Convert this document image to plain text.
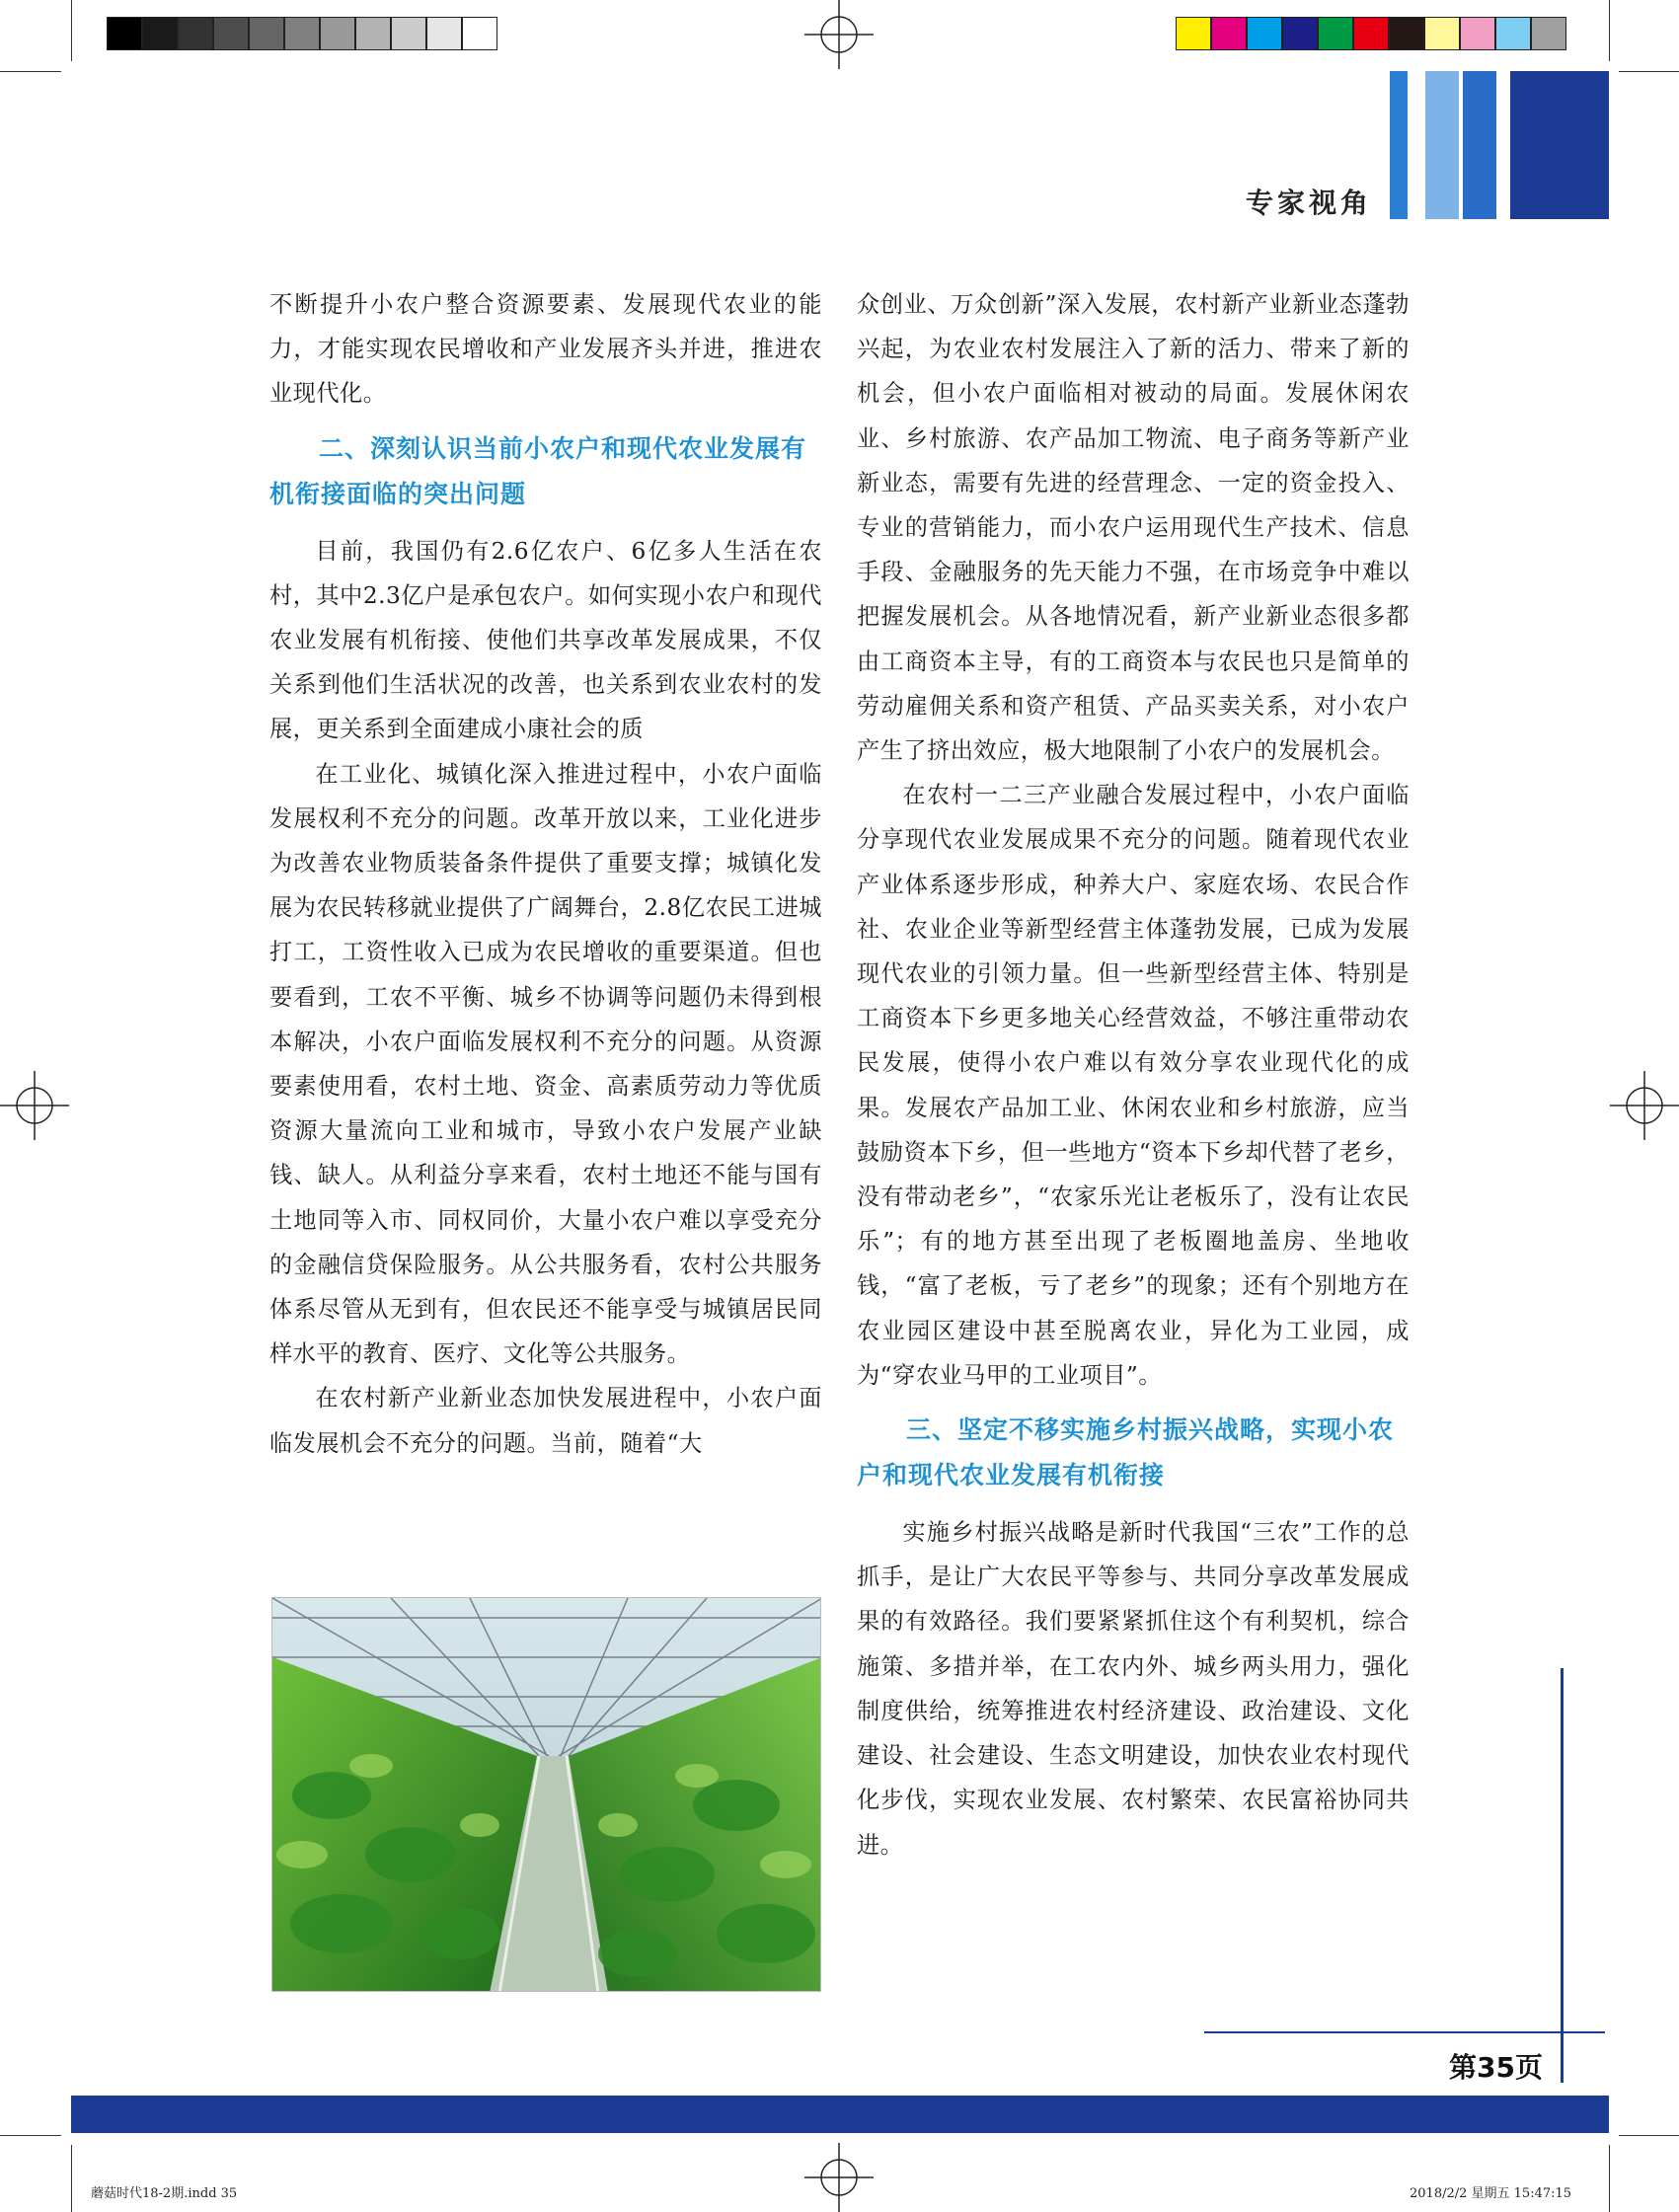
专家视角

不断提升小农户整合资源要素、发展现代农业的能力，才能实现农民增收和产业发展齐头并进，推进农业现代化。

二、深刻认识当前小农户和现代农业发展有机衔接面临的突出问题

目前，我国仍有2.6亿农户、6亿多人生活在农村，其中2.3亿户是承包农户。如何实现小农户和现代农业发展有机衔接、使他们共享改革发展成果，不仅关系到他们生活状况的改善，也关系到农业农村的发展，更关系到全面建成小康社会的质

在工业化、城镇化深入推进过程中，小农户面临发展权利不充分的问题。改革开放以来，工业化进步为改善农业物质装备条件提供了重要支撑；城镇化发展为农民转移就业提供了广阔舞台，2.8亿农民工进城打工，工资性收入已成为农民增收的重要渠道。但也要看到，工农不平衡、城乡不协调等问题仍未得到根本解决，小农户面临发展权利不充分的问题。从资源要素使用看，农村土地、资金、高素质劳动力等优质资源大量流向工业和城市，导致小农户发展产业缺钱、缺人。从利益分享来看，农村土地还不能与国有土地同等入市、同权同价，大量小农户难以享受充分的金融信贷保险服务。从公共服务看，农村公共服务体系尽管从无到有，但农民还不能享受与城镇居民同样水平的教育、医疗、文化等公共服务。

在农村新产业新业态加快发展进程中，小农户面临发展机会不充分的问题。当前，随着“大

众创业、万众创新”深入发展，农村新产业新业态蓬勃兴起，为农业农村发展注入了新的活力、带来了新的机会，但小农户面临相对被动的局面。发展休闲农业、乡村旅游、农产品加工物流、电子商务等新产业新业态，需要有先进的经营理念、一定的资金投入、专业的营销能力，而小农户运用现代生产技术、信息手段、金融服务的先天能力不强，在市场竞争中难以把握发展机会。从各地情况看，新产业新业态很多都由工商资本主导，有的工商资本与农民也只是简单的劳动雇佣关系和资产租赁、产品买卖关系，对小农户产生了挤出效应，极大地限制了小农户的发展机会。

在农村一二三产业融合发展过程中，小农户面临分享现代农业发展成果不充分的问题。随着现代农业产业体系逐步形成，种养大户、家庭农场、农民合作社、农业企业等新型经营主体蓬勃发展，已成为发展现代农业的引领力量。但一些新型经营主体、特别是工商资本下乡更多地关心经营效益，不够注重带动农民发展，使得小农户难以有效分享农业现代化的成果。发展农产品加工业、休闲农业和乡村旅游，应当鼓励资本下乡，但一些地方“资本下乡却代替了老乡，没有带动老乡”，“农家乐光让老板乐了，没有让农民乐”；有的地方甚至出现了老板圈地盖房、坐地收钱，“富了老板，亏了老乡”的现象；还有个别地方在农业园区建设中甚至脱离农业，异化为工业园，成为“穿农业马甲的工业项目”。

三、坚定不移实施乡村振兴战略，实现小农户和现代农业发展有机衔接

实施乡村振兴战略是新时代我国“三农”工作的总抓手，是让广大农民平等参与、共同分享改革发展成果的有效路径。我们要紧紧抓住这个有利契机，综合施策、多措并举，在工农内外、城乡两头用力，强化制度供给，统筹推进农村经济建设、政治建设、文化建设、社会建设、生态文明建设，加快农业农村现代化步伐，实现农业发展、农村繁荣、农民富裕协同共进。

第35页
蘑菇时代18-2期.indd 35	2018/2/2 星期五 15:47:15
